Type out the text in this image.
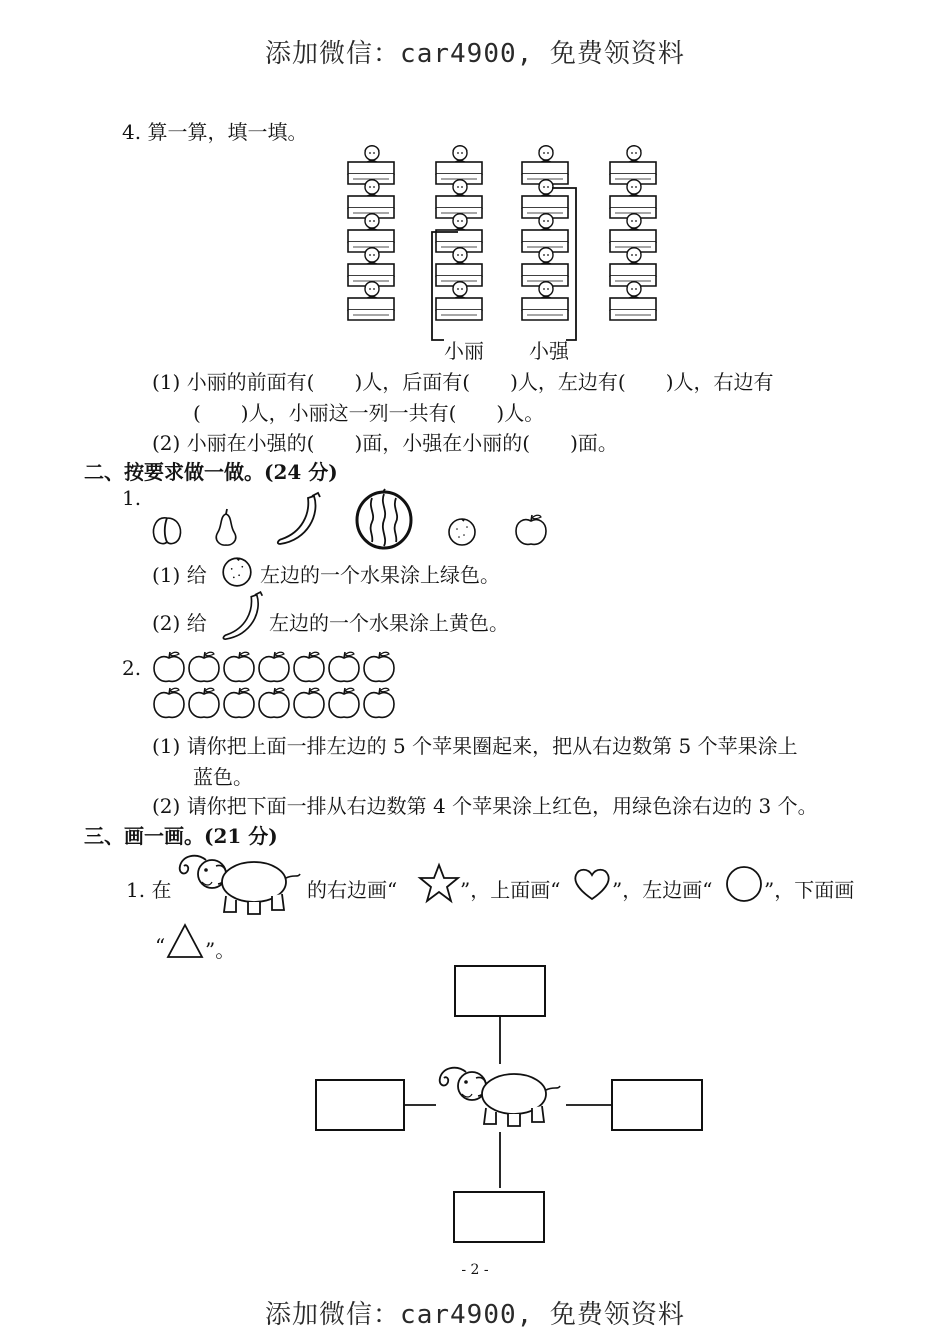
添加微信：car4900, 免费领资料
4. 算一算，填一填。
小丽 小强
(1) 小丽的前面有(　　)人，后面有(　　)人，左边有(　　)人，右边有
(　　)人，小丽这一列一共有(　　)人。
(2) 小丽在小强的(　　)面，小强在小丽的(　　)面。
二、按要求做一做。(24 分)
1.
(1) 给	左边的一个水果涂上绿色。
(2) 给	左边的一个水果涂上黄色。
2.
(1) 请你把上面一排左边的 5 个苹果圈起来，把从右边数第 5 个苹果涂上
蓝色。
(2) 请你把下面一排从右边数第 4 个苹果涂上红色，用绿色涂右边的 3 个。
三、画一画。(21 分)
1. 在	的右边画“	”，上面画“	”，左边画“	”，下面画
“ ”。
- 2 -
添加微信：car4900, 免费领资料
